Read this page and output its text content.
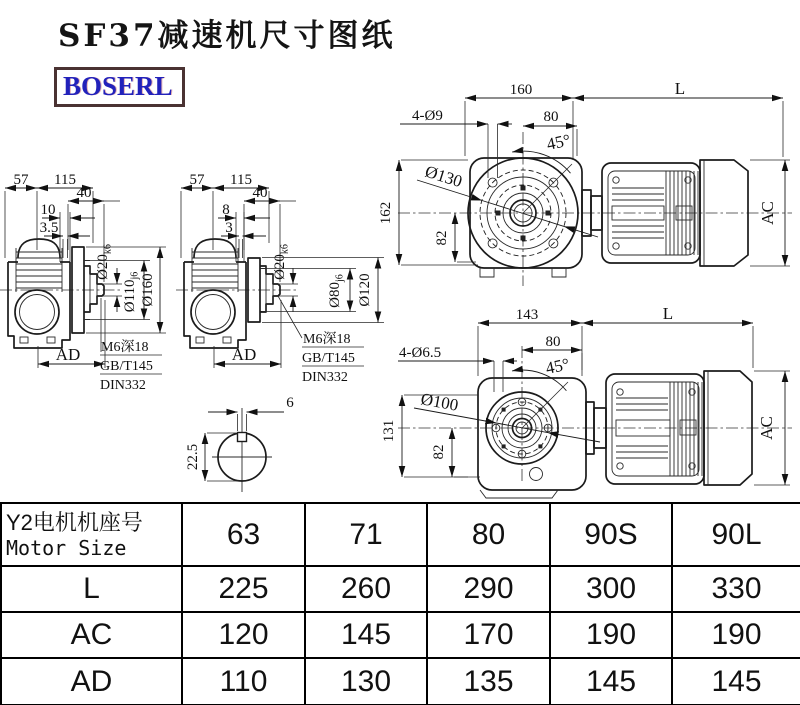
SF37减速机尺寸图纸
BOSERL
57 115
40
10
3.5
$Ø20_{k6}$
$Ø110_{j6}$ Ø160
AD M6深18
GB/T145
DIN332
57 115
40
8
3
$Ø20_{k6}$
$Ø80_{j6}$ Ø120
AD
M6深18
GB/T145
DIN332
6
22.5
160	L
4-Ø9	80
45°
Ø130
162
82
AC
143	L
4-Ø6.5
80
45°
Ø100
131
82
AC
Y2电机机座号
Motor Size	63	71	80	90S	90L
L	225	260	290	300	330
AC	120	145	170	190	190
AD	110	130	135	145	145
